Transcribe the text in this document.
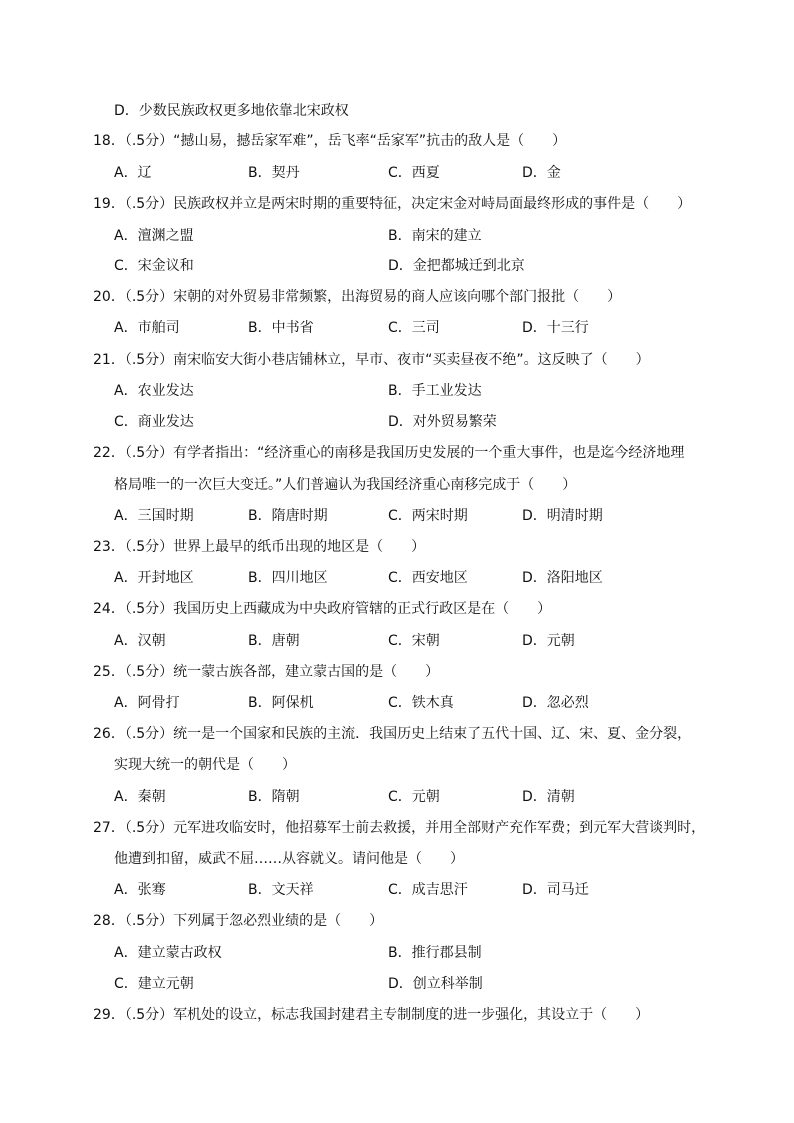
D．少数民族政权更多地依靠北宋政权
18．（.5分）“撼山易，撼岳家军难”，岳飞率“岳家军”抗击的敌人是（　　）
A．辽	B．契丹	C．西夏	D．金
19．（.5分）民族政权并立是两宋时期的重要特征，决定宋金对峙局面最终形成的事件是（　　）
A．澶渊之盟	B．南宋的建立
C．宋金议和	D．金把都城迁到北京
20．（.5分）宋朝的对外贸易非常频繁，出海贸易的商人应该向哪个部门报批（　　）
A．市舶司	B．中书省	C．三司	D．十三行
21．（.5分）南宋临安大街小巷店铺林立，早市、夜市“买卖昼夜不绝”。这反映了（　　）
A．农业发达	B．手工业发达
C．商业发达	D．对外贸易繁荣
22．（.5分）有学者指出：“经济重心的南移是我国历史发展的一个重大事件，也是迄今经济地理
格局唯一的一次巨大变迁。”人们普遍认为我国经济重心南移完成于（　　）
A．三国时期	B．隋唐时期	C．两宋时期	D．明清时期
23．（.5分）世界上最早的纸币出现的地区是（　　）
A．开封地区	B．四川地区	C．西安地区	D．洛阳地区
24．（.5分）我国历史上西藏成为中央政府管辖的正式行政区是在（　　）
A．汉朝	B．唐朝	C．宋朝	D．元朝
25．（.5分）统一蒙古族各部，建立蒙古国的是（　　）
A．阿骨打	B．阿保机	C．铁木真	D．忽必烈
26．（.5分）统一是一个国家和民族的主流．我国历史上结束了五代十国、辽、宋、夏、金分裂，
实现大统一的朝代是（　　）
A．秦朝	B．隋朝	C．元朝	D．清朝
27．（.5分）元军进攻临安时，他招募军士前去救援，并用全部财产充作军费；到元军大营谈判时，
他遭到扣留，威武不屈……从容就义。请问他是（　　）
A．张骞	B．文天祥	C．成吉思汗	D．司马迁
28．（.5分）下列属于忽必烈业绩的是（　　）
A．建立蒙古政权	B．推行郡县制
C．建立元朝	D．创立科举制
29．（.5分）军机处的设立，标志我国封建君主专制制度的进一步强化，其设立于（　　）
